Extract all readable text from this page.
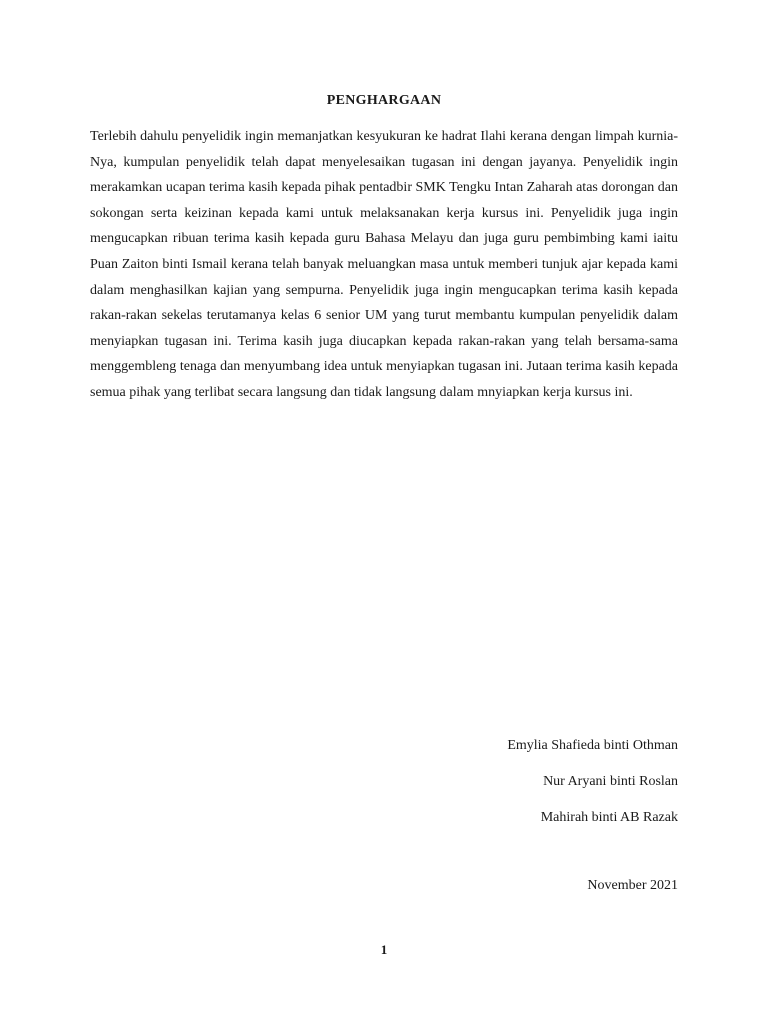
PENGHARGAAN

Terlebih dahulu penyelidik ingin memanjatkan kesyukuran ke hadrat Ilahi kerana dengan limpah kurnia-Nya, kumpulan penyelidik telah dapat menyelesaikan tugasan ini dengan jayanya. Penyelidik ingin merakamkan ucapan terima kasih kepada pihak pentadbir SMK Tengku Intan Zaharah atas dorongan dan sokongan serta keizinan kepada kami untuk melaksanakan kerja kursus ini. Penyelidik juga ingin mengucapkan ribuan terima kasih kepada guru Bahasa Melayu dan juga guru pembimbing kami iaitu Puan Zaiton binti Ismail kerana telah banyak meluangkan masa untuk memberi tunjuk ajar kepada kami dalam menghasilkan kajian yang sempurna. Penyelidik juga ingin mengucapkan terima kasih kepada rakan-rakan sekelas terutamanya kelas 6 senior UM yang turut membantu kumpulan penyelidik dalam menyiapkan tugasan ini. Terima kasih juga diucapkan kepada rakan-rakan yang telah bersama-sama menggembleng tenaga dan menyumbang idea untuk menyiapkan tugasan ini. Jutaan terima kasih kepada semua pihak yang terlibat secara langsung dan tidak langsung dalam mnyiapkan kerja kursus ini.

Emylia Shafieda binti Othman
Nur Aryani binti Roslan
Mahirah binti AB Razak
November 2021
1
